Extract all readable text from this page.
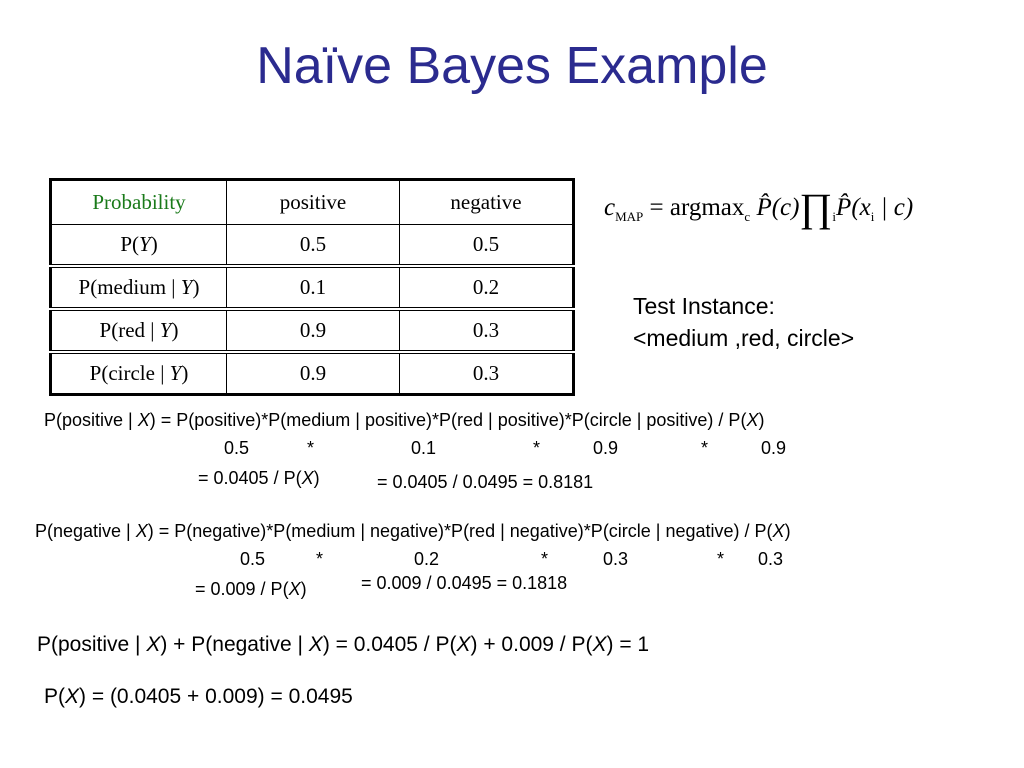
Naïve Bayes Example
Probability	positive	negative
P(Y)	0.5	0.5
P(medium | Y)	0.1	0.2
P(red | Y)	0.9	0.3
P(circle | Y)	0.9	0.3
$c_{MAP} = argmax_c$ $P̂(c)\prod_iP̂(x_i$ | c)
Test Instance:
<medium ,red, circle>
P(positive | X) = P(positive)*P(medium | positive)*P(red | positive)*P(circle | positive) / P(X)
0.5	*	0.1	*	0.9	*	0.9
= 0.0405 / P(X)	= 0.0405 / 0.0495 = 0.8181
P(negative | X) = P(negative)*P(medium | negative)*P(red | negative)*P(circle | negative) / P(X)
0.5	*	0.2	*	0.3	* 0.3
= 0.009 / P(X)	= 0.009 / 0.0495 = 0.1818
P(positive | X) + P(negative | X) = 0.0405 / P(X) + 0.009 / P(X) = 1
P(X) = (0.0405 + 0.009) = 0.0495
